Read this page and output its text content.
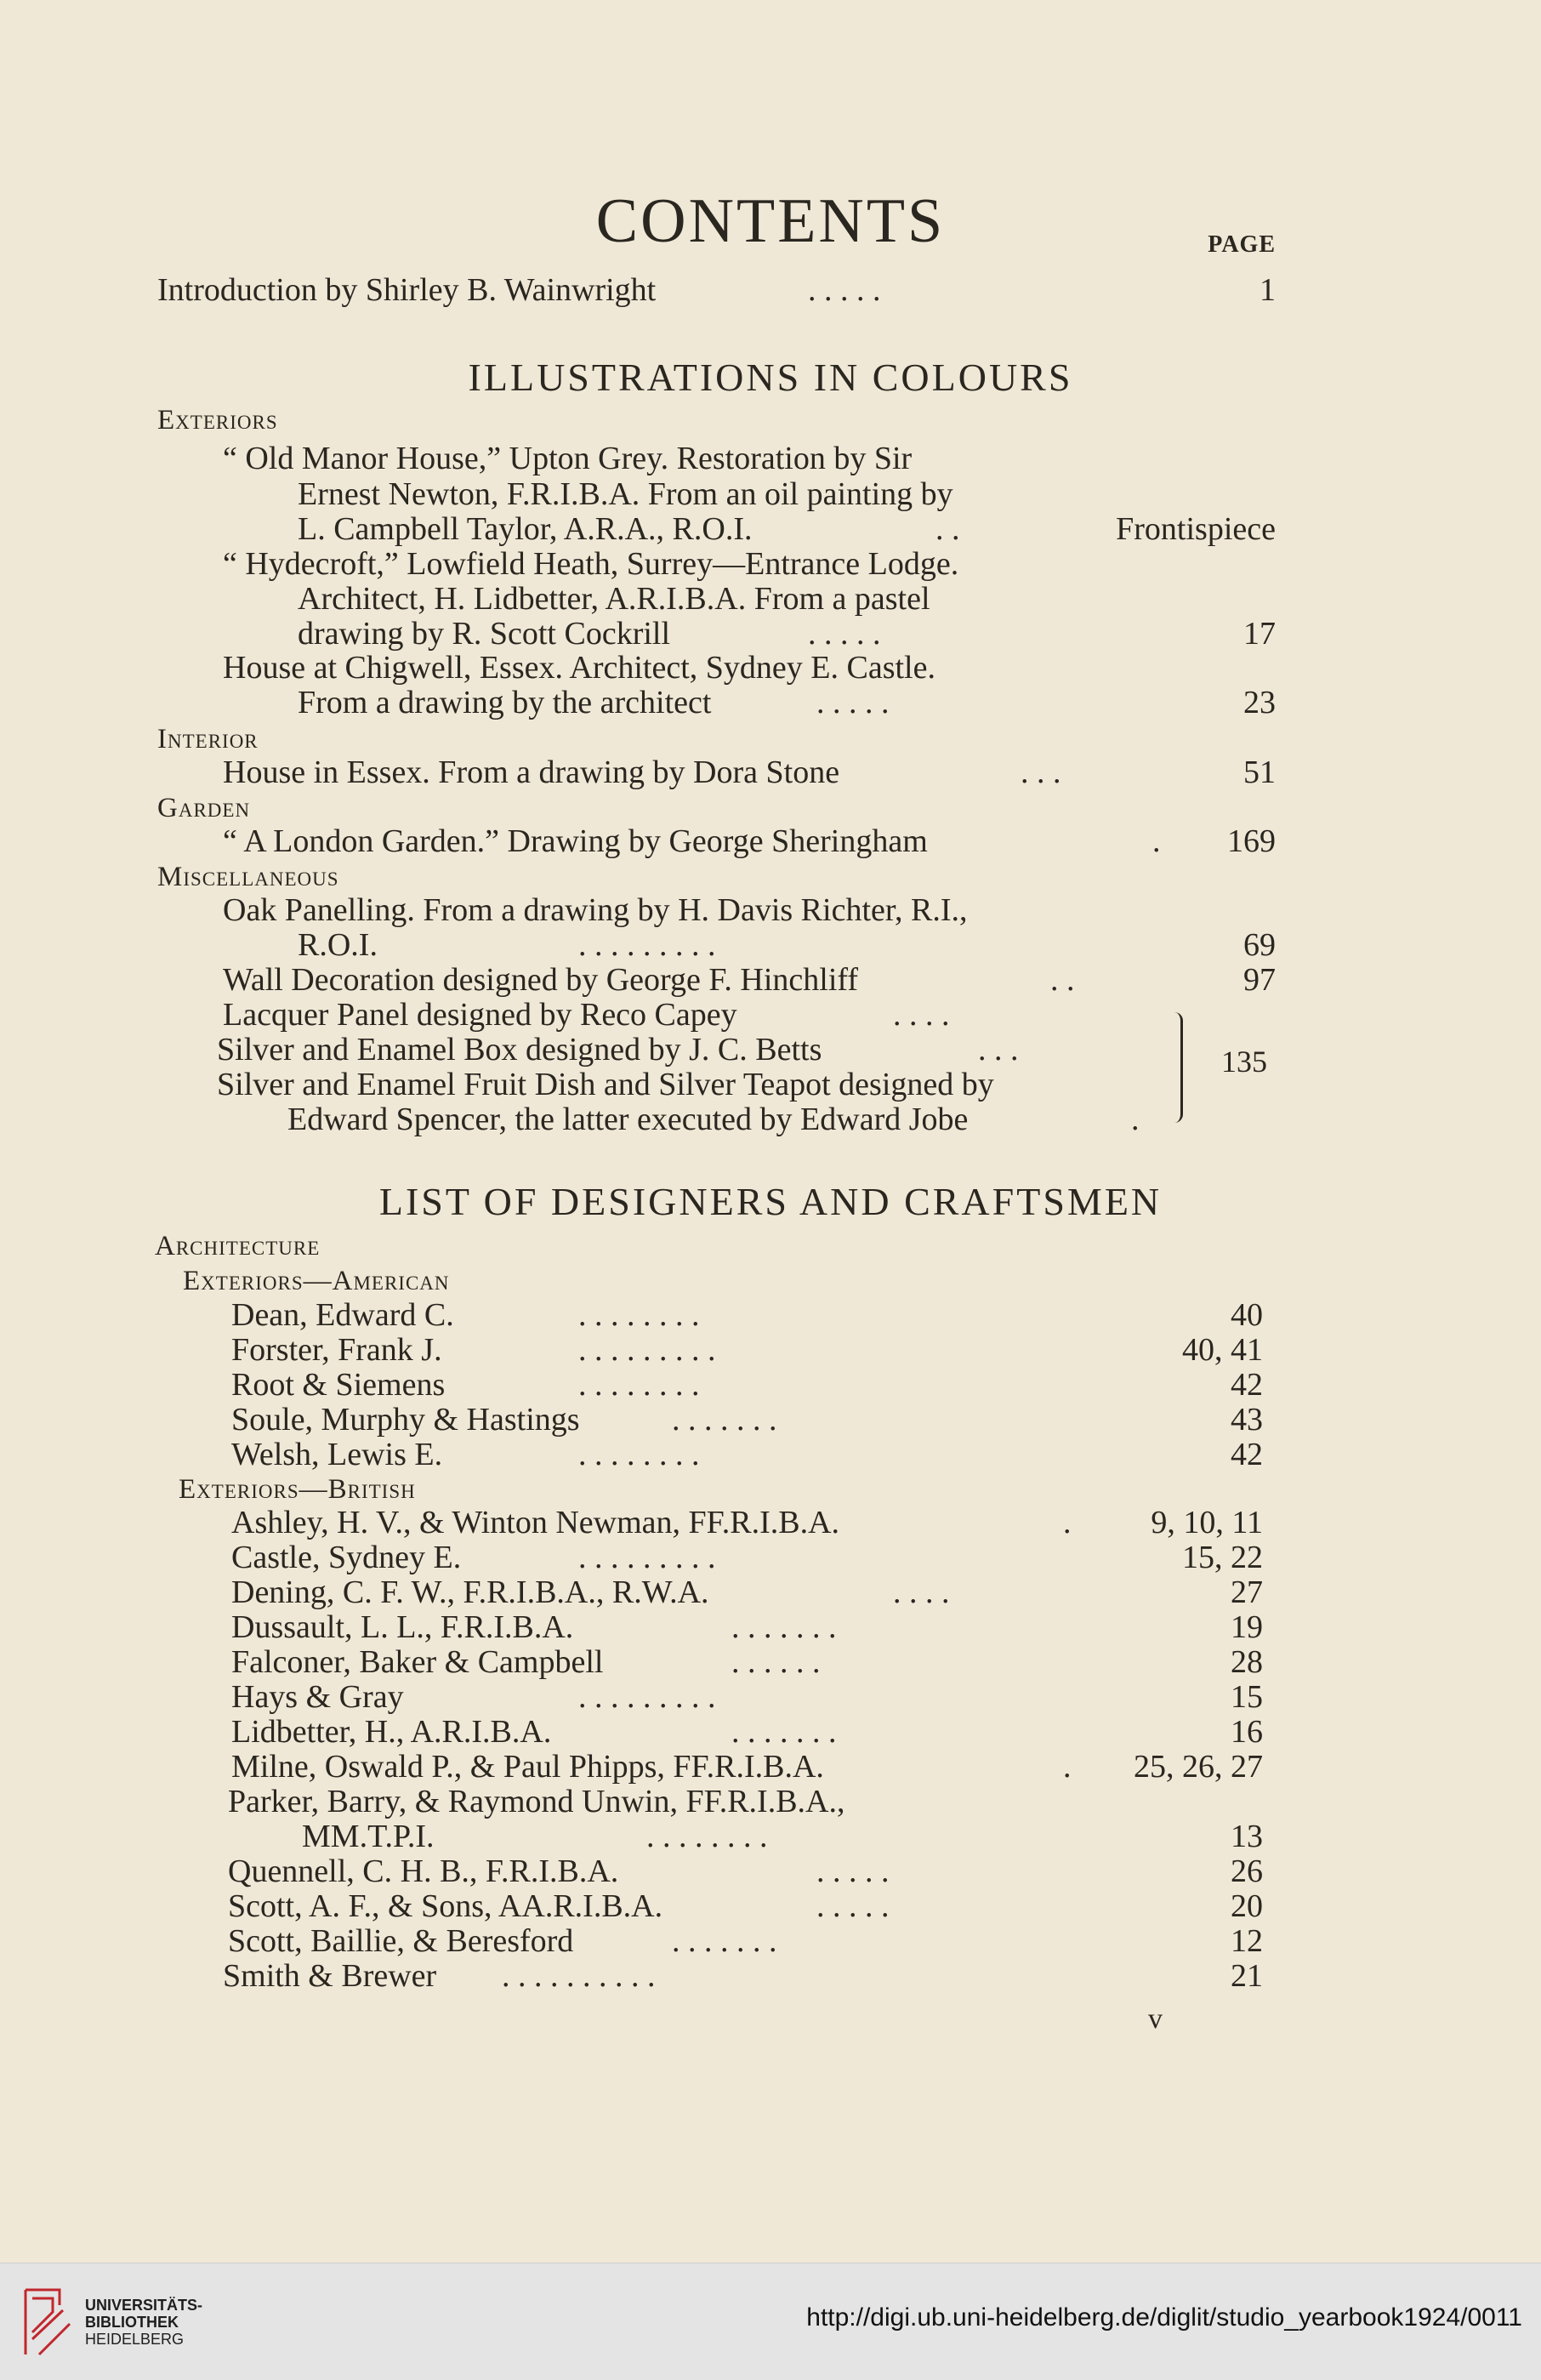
CONTENTS	PAGE
Introduction by Shirley B. Wainwright	. . . . .	1
ILLUSTRATIONS IN COLOURS
Exteriors
“ Old Manor House,” Upton Grey. Restoration by Sir
Ernest Newton, F.R.I.B.A. From an oil painting by
L. Campbell Taylor, A.R.A., R.O.I.	. .	Frontispiece
“ Hydecroft,” Lowfield Heath, Surrey—Entrance Lodge.
Architect, H. Lidbetter, A.R.I.B.A. From a pastel
drawing by R. Scott Cockrill	. . . . .	17
House at Chigwell, Essex. Architect, Sydney E. Castle.
From a drawing by the architect	. . . . .	23
Interior
House in Essex. From a drawing by Dora Stone	. . .	51
Garden
“ A London Garden.” Drawing by George Sheringham	.	169
Miscellaneous
Oak Panelling. From a drawing by H. Davis Richter, R.I.,
R.O.I.	. . . . . . . . .	69
Wall Decoration designed by George F. Hinchliff	. .	97
Lacquer Panel designed by Reco Capey	. . . .
Silver and Enamel Box designed by J. C. Betts	. . .
Silver and Enamel Fruit Dish and Silver Teapot designed by
Edward Spencer, the latter executed by Edward Jobe	.
135
LIST OF DESIGNERS AND CRAFTSMEN
Architecture
Exteriors—American
Dean, Edward C.	. . . . . . . .	40
Forster, Frank J.	. . . . . . . . .	40, 41
Root & Siemens	. . . . . . . .	42
Soule, Murphy & Hastings	. . . . . . .	43
Welsh, Lewis E.	. . . . . . . .	42
Exteriors—British
Ashley, H. V., & Winton Newman, FF.R.I.B.A.	.	9, 10, 11
Castle, Sydney E.	. . . . . . . . .	15, 22
Dening, C. F. W., F.R.I.B.A., R.W.A.	. . . .	27
Dussault, L. L., F.R.I.B.A.	. . . . . . .	19
Falconer, Baker & Campbell	. . . . . .	28
Hays & Gray	. . . . . . . . .	15
Lidbetter, H., A.R.I.B.A.	. . . . . . .	16
Milne, Oswald P., & Paul Phipps, FF.R.I.B.A.	.	25, 26, 27
Parker, Barry, & Raymond Unwin, FF.R.I.B.A.,
MM.T.P.I.	. . . . . . . .	13
Quennell, C. H. B., F.R.I.B.A.	. . . . .	26
Scott, A. F., & Sons, AA.R.I.B.A.	. . . . .	20
Scott, Baillie, & Beresford	. . . . . . .	12
Smith & Brewer . . . . . . . . . .	21
v
UNIVERSITÄTS-
BIBLIOTHEK
HEIDELBERG
http://digi.ub.uni-heidelberg.de/diglit/studio_yearbook1924/0011
